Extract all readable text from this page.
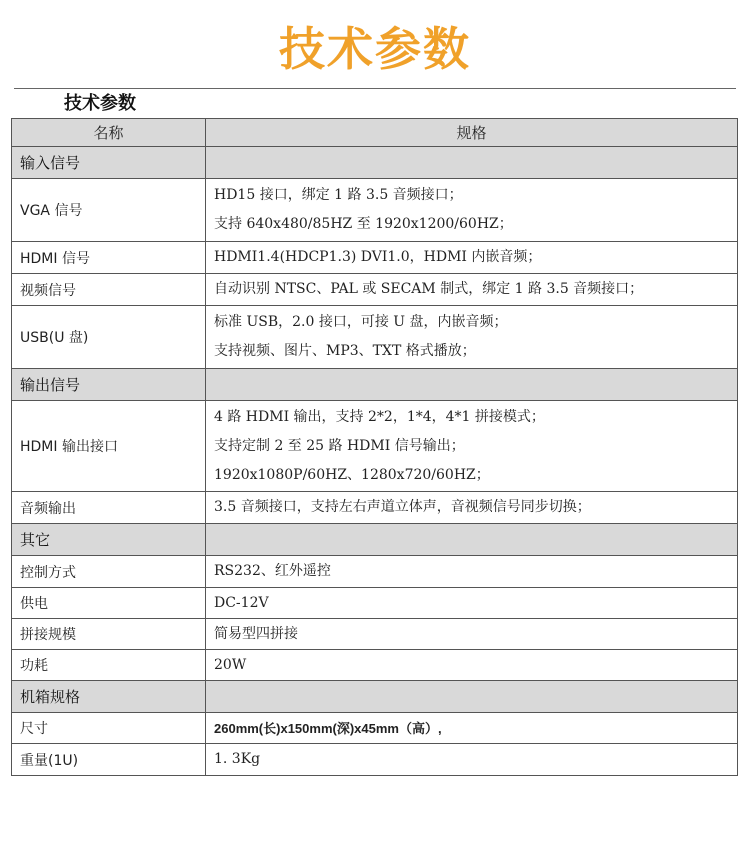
技术参数
技术参数
名称	规格
输入信号	
VGA 信号	HD15 接口，绑定 1 路 3.5 音频接口；
支持 640x480/85HZ 至 1920x1200/60HZ；

HDMI 信号	HDMI1.4(HDCP1.3) DVI1.0，HDMI 内嵌音频；

视频信号	自动识别 NTSC、PAL 或 SECAM 制式，绑定 1 路 3.5 音频接口；

USB(U 盘)	标准 USB，2.0 接口，可接 U 盘，内嵌音频；
支持视频、图片、MP3、TXT 格式播放；

输出信号	
HDMI 输出接口	4 路 HDMI 输出，支持 2*2，1*4，4*1 拼接模式；
支持定制 2 至 25 路 HDMI 信号输出；
1920x1080P/60HZ、1280x720/60HZ；

音频输出	3.5 音频接口，支持左右声道立体声，音视频信号同步切换；

其它	
控制方式	RS232、红外遥控

供电	DC-12V

拼接规模	简易型四拼接

功耗	20W

机箱规格	
尺寸	260mm(长)x150mm(深)x45mm（高）,

重量(1U)	1. 3Kg
